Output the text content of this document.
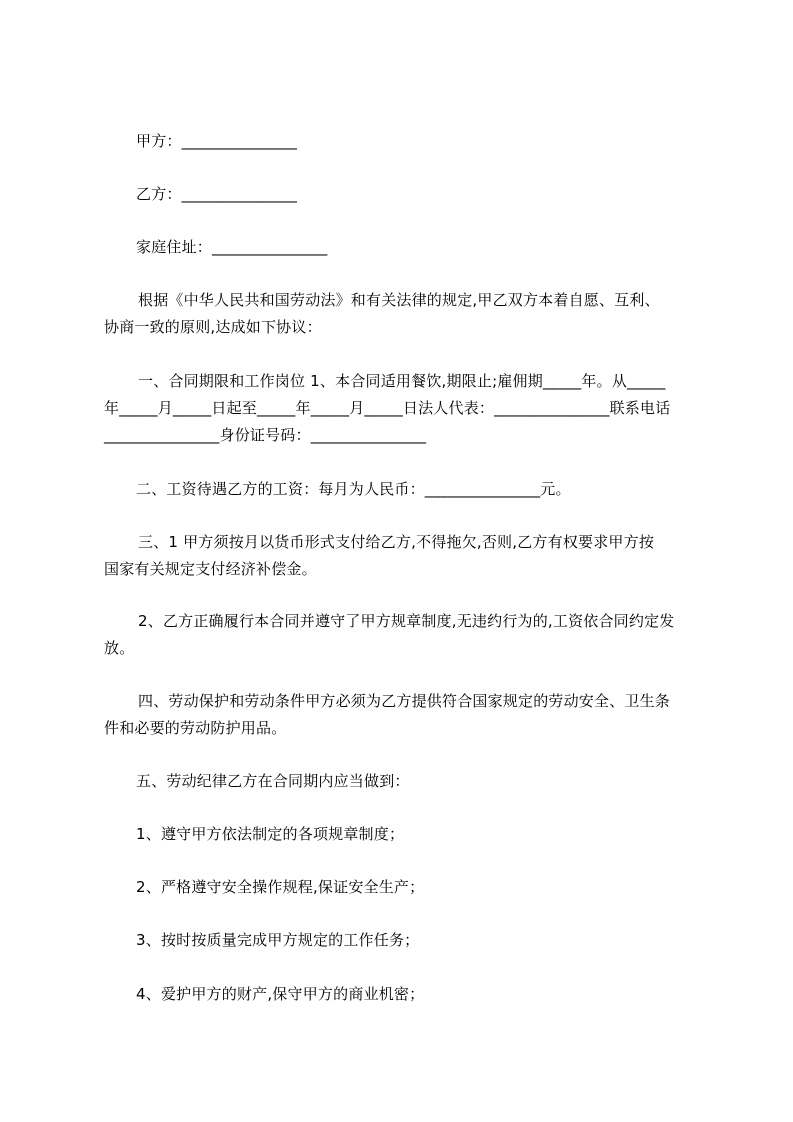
甲方：_______________
乙方：_______________
家庭住址：_______________
根据《中华人民共和国劳动法》和有关法律的规定,甲乙双方本着自愿、互利、
协商一致的原则,达成如下协议：
一、合同期限和工作岗位 1、本合同适用餐饮,期限止;雇佣期_____年。从_____
年_____月_____日起至_____年_____月_____日法人代表：_______________联系电话
_______________身份证号码：_______________
二、工资待遇乙方的工资：每月为人民币：_______________元。
三、1 甲方须按月以货币形式支付给乙方,不得拖欠,否则,乙方有权要求甲方按
国家有关规定支付经济补偿金。
2、乙方正确履行本合同并遵守了甲方规章制度,无违约行为的,工资依合同约定发
放。
四、劳动保护和劳动条件甲方必须为乙方提供符合国家规定的劳动安全、卫生条
件和必要的劳动防护用品。
五、劳动纪律乙方在合同期内应当做到：
1、遵守甲方依法制定的各项规章制度；
2、严格遵守安全操作规程,保证安全生产；
3、按时按质量完成甲方规定的工作任务；
4、爱护甲方的财产,保守甲方的商业机密；
